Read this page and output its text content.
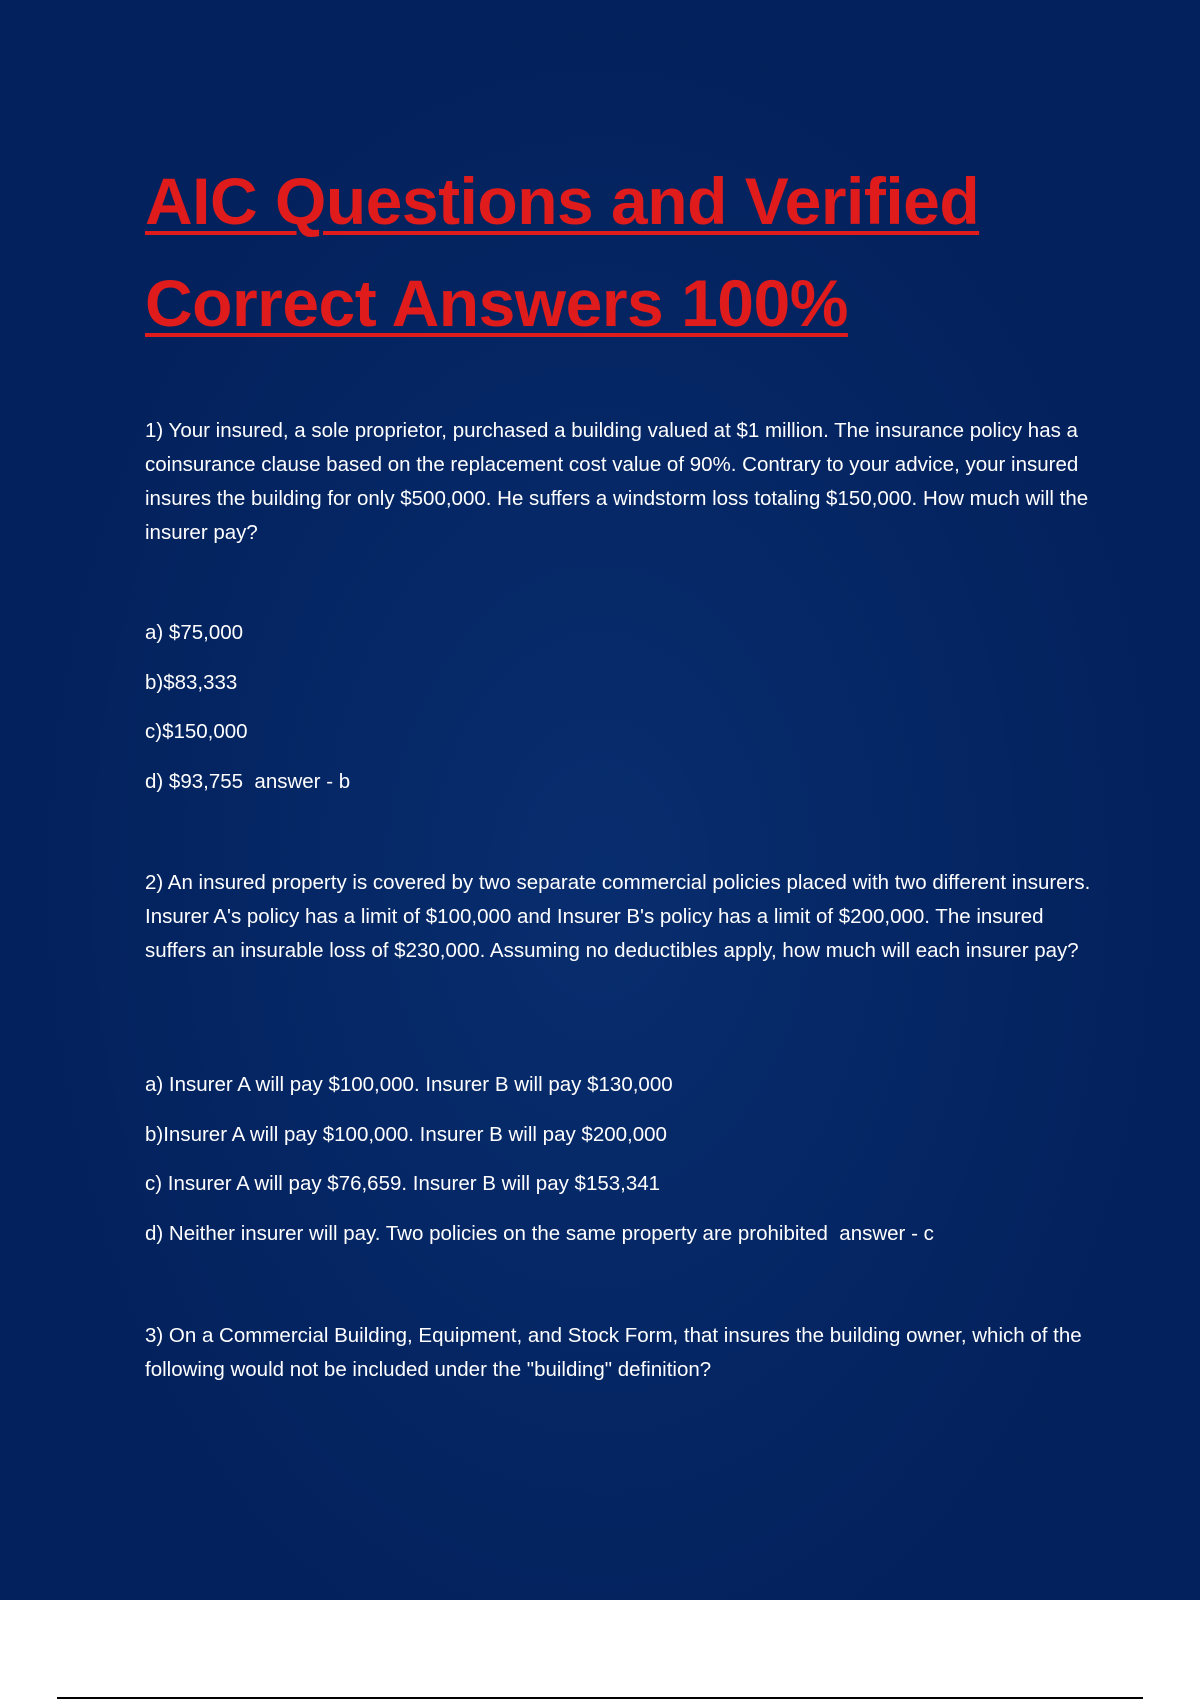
AIC Questions and Verified
Correct Answers 100%

1) Your insured, a sole proprietor, purchased a building valued at $1 million. The insurance policy has a coinsurance clause based on the replacement cost value of 90%. Contrary to your advice, your insured insures the building for only $500,000. He suffers a windstorm loss totaling $150,000. How much will the insurer pay?

a) $75,000

b)$83,333

c)$150,000

d) $93,755  answer - b

2) An insured property is covered by two separate commercial policies placed with two different insurers. Insurer A's policy has a limit of $100,000 and Insurer B's policy has a limit of $200,000. The insured suffers an insurable loss of $230,000. Assuming no deductibles apply, how much will each insurer pay?

a) Insurer A will pay $100,000. Insurer B will pay $130,000

b)Insurer A will pay $100,000. Insurer B will pay $200,000

c) Insurer A will pay $76,659. Insurer B will pay $153,341

d) Neither insurer will pay. Two policies on the same property are prohibited  answer - c

3) On a Commercial Building, Equipment, and Stock Form, that insures the building owner, which of the following would not be included under the "building" definition?
